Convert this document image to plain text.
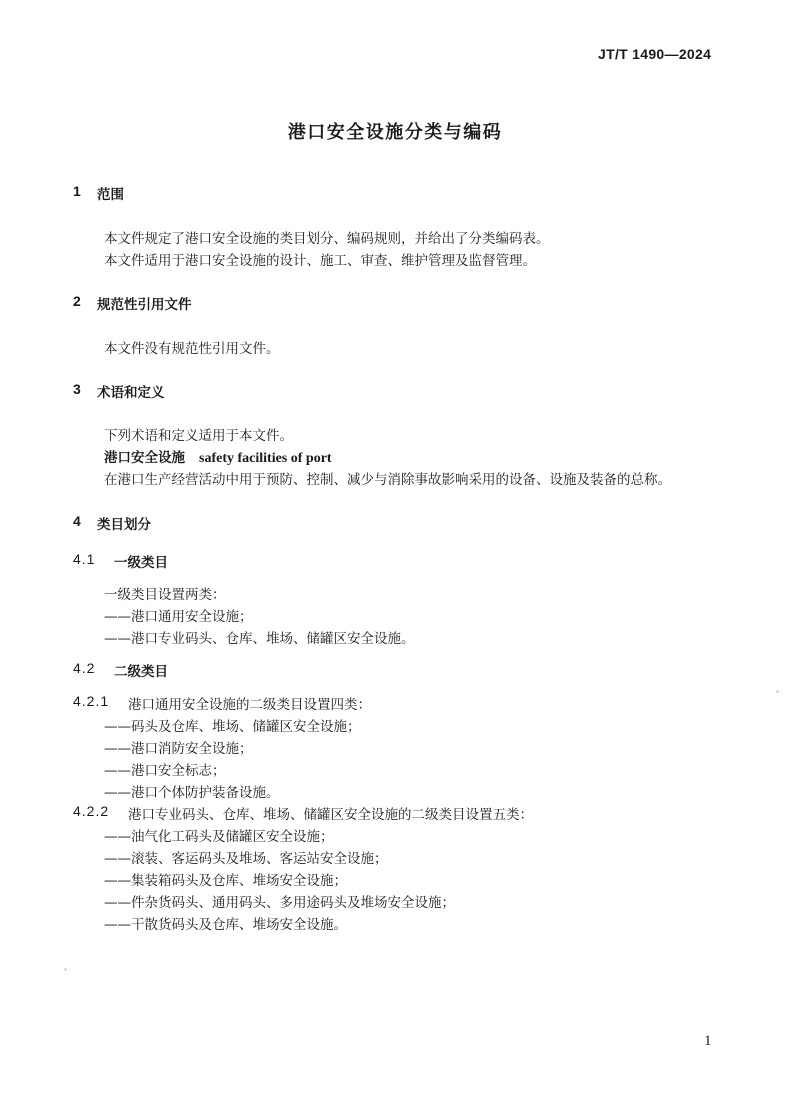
JT/T 1490—2024
港口安全设施分类与编码
1 范围
本文件规定了港口安全设施的类目划分、编码规则，并给出了分类编码表。
本文件适用于港口安全设施的设计、施工、审查、维护管理及监督管理。
2 规范性引用文件
本文件没有规范性引用文件。
3 术语和定义
下列术语和定义适用于本文件。
港口安全设施 safety facilities of port
在港口生产经营活动中用于预防、控制、减少与消除事故影响采用的设备、设施及装备的总称。
4 类目划分
4.1 一级类目
一级类目设置两类：
——港口通用安全设施；
——港口专业码头、仓库、堆场、储罐区安全设施。
4.2 二级类目
4.2.1 港口通用安全设施的二级类目设置四类：
——码头及仓库、堆场、储罐区安全设施；
——港口消防安全设施；
——港口安全标志；
——港口个体防护装备设施。
4.2.2 港口专业码头、仓库、堆场、储罐区安全设施的二级类目设置五类：
——油气化工码头及储罐区安全设施；
——滚装、客运码头及堆场、客运站安全设施；
——集装箱码头及仓库、堆场安全设施；
——件杂货码头、通用码头、多用途码头及堆场安全设施；
——干散货码头及仓库、堆场安全设施。
1
